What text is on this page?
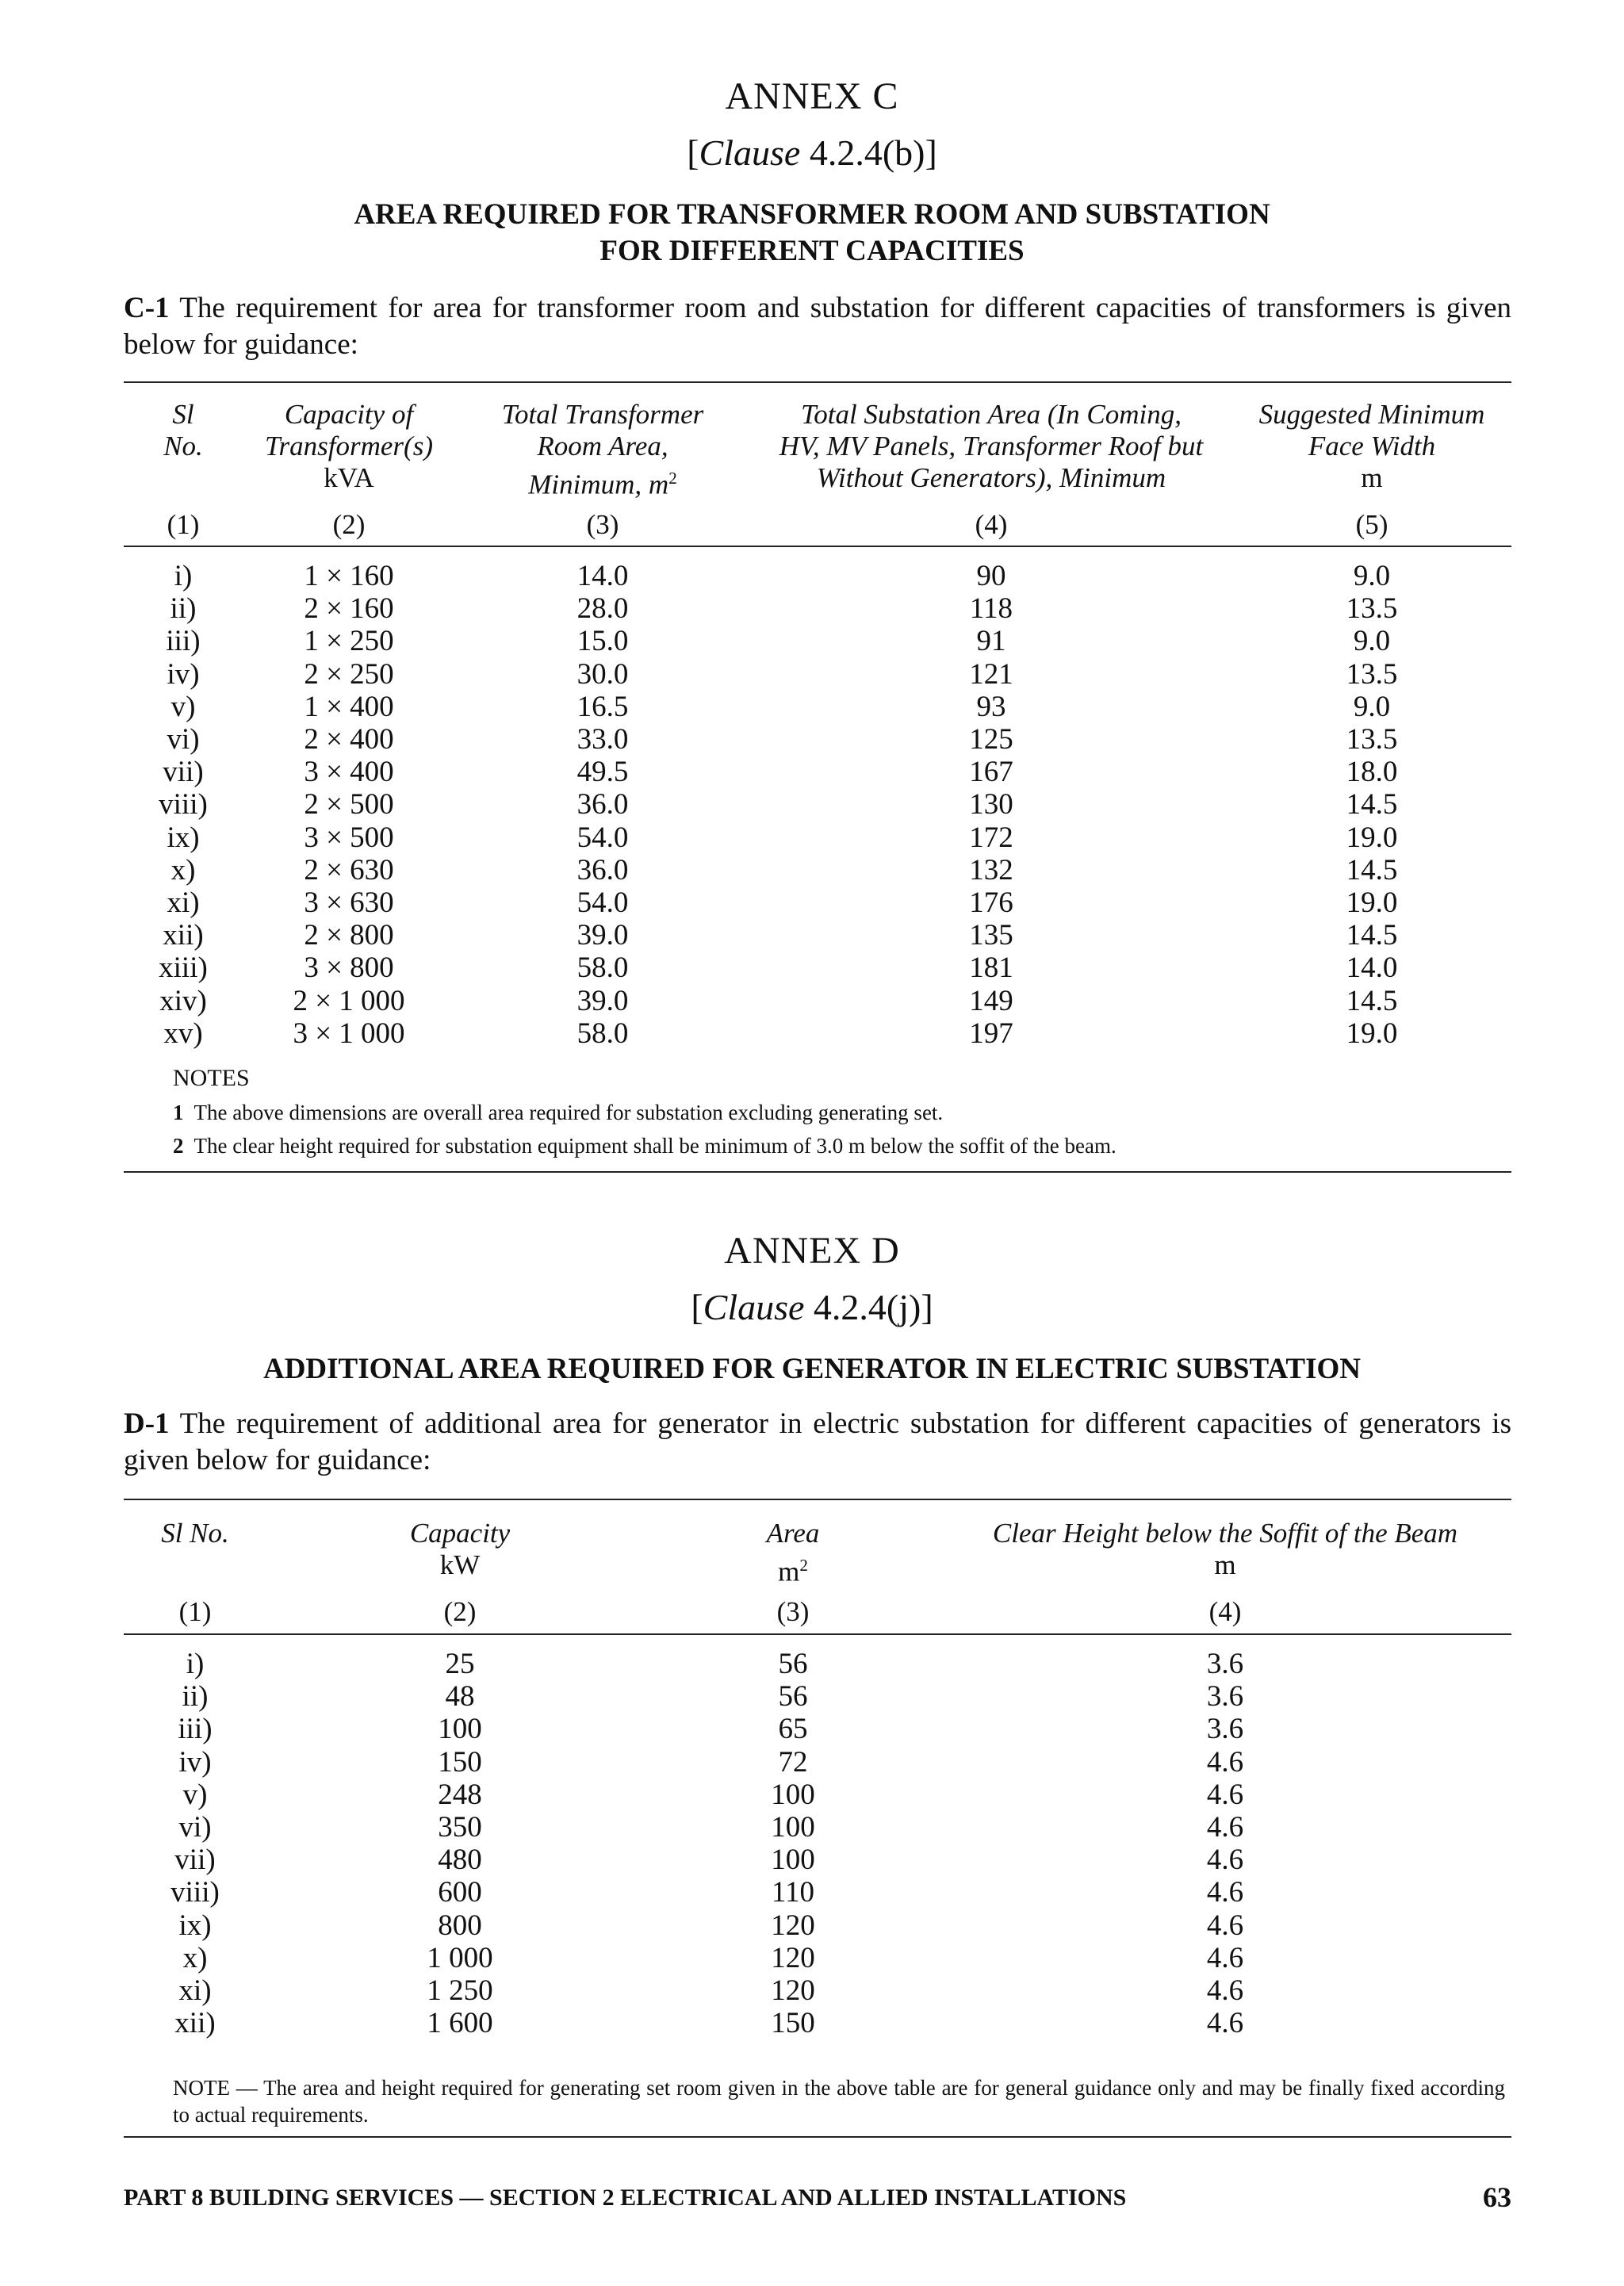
ANNEX C
[Clause 4.2.4(b)]
AREA REQUIRED FOR TRANSFORMER ROOM AND SUBSTATION
FOR DIFFERENT CAPACITIES
C-1 The requirement for area for transformer room and substation for different capacities of transformers is given below for guidance:
Sl
No.
Capacity of
Transformer(s)
kVA
Total Transformer
Room Area,
Minimum, $m^2$
Total Substation Area (In Coming,
HV, MV Panels, Transformer Roof but
Without Generators), Minimum
Suggested Minimum
Face Width
m
(1)	(2)	(3)	(4)	(5)
i)	1 × 160	14.0	90	9.0
ii)	2 × 160	28.0	118	13.5
iii)	1 × 250	15.0	91	9.0
iv)	2 × 250	30.0	121	13.5
v)	1 × 400	16.5	93	9.0
vi)	2 × 400	33.0	125	13.5
vii)	3 × 400	49.5	167	18.0
viii)	2 × 500	36.0	130	14.5
ix)	3 × 500	54.0	172	19.0
x)	2 × 630	36.0	132	14.5
xi)	3 × 630	54.0	176	19.0
xii)	2 × 800	39.0	135	14.5
xiii)	3 × 800	58.0	181	14.0
xiv)	2 × 1 000	39.0	149	14.5
xv)	3 × 1 000	58.0	197	19.0
NOTES
1 The above dimensions are overall area required for substation excluding generating set.
2 The clear height required for substation equipment shall be minimum of 3.0 m below the soffit of the beam.
ANNEX D
[Clause 4.2.4(j)]
ADDITIONAL AREA REQUIRED FOR GENERATOR IN ELECTRIC SUBSTATION
D-1 The requirement of additional area for generator in electric substation for different capacities of generators is given below for guidance:
Sl No.	Capacity
kW
Area
$m^2$
Clear Height below the Soffit of the Beam
m
(1)	(2)	(3)	(4)
i)	25	56	3.6
ii)	48	56	3.6
iii)	100	65	3.6
iv)	150	72	4.6
v)	248	100	4.6
vi)	350	100	4.6
vii)	480	100	4.6
viii)	600	110	4.6
ix)	800	120	4.6
x)	1 000	120	4.6
xi)	1 250	120	4.6
xii)	1 600	150	4.6
NOTE — The area and height required for generating set room given in the above table are for general guidance only and may be finally fixed according to actual requirements.
PART 8 BUILDING SERVICES — SECTION 2 ELECTRICAL AND ALLIED INSTALLATIONS	63
